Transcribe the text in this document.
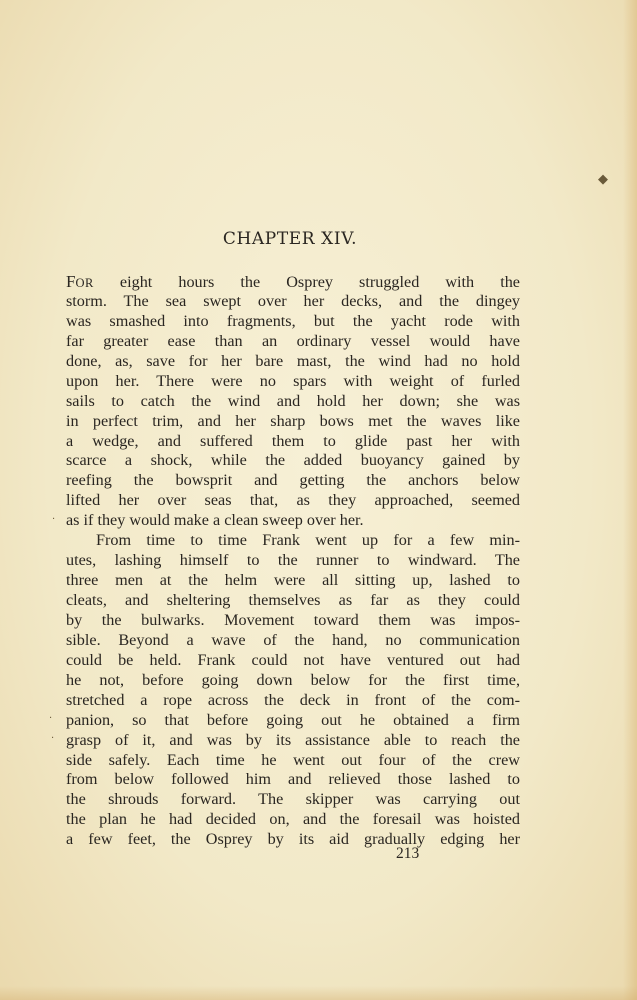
◆
·
·
·
CHAPTER XIV.
FOR eight hours the Osprey struggled with the
storm. The sea swept over her decks, and the dingey
was smashed into fragments, but the yacht rode with
far greater ease than an ordinary vessel would have
done, as, save for her bare mast, the wind had no hold
upon her. There were no spars with weight of furled
sails to catch the wind and hold her down; she was
in perfect trim, and her sharp bows met the waves like
a wedge, and suffered them to glide past her with
scarce a shock, while the added buoyancy gained by
reefing the bowsprit and getting the anchors below
lifted her over seas that, as they approached, seemed
as if they would make a clean sweep over her.
From time to time Frank went up for a few min-
utes, lashing himself to the runner to windward. The
three men at the helm were all sitting up, lashed to
cleats, and sheltering themselves as far as they could
by the bulwarks. Movement toward them was impos-
sible. Beyond a wave of the hand, no communication
could be held. Frank could not have ventured out had
he not, before going down below for the first time,
stretched a rope across the deck in front of the com-
panion, so that before going out he obtained a firm
grasp of it, and was by its assistance able to reach the
side safely. Each time he went out four of the crew
from below followed him and relieved those lashed to
the shrouds forward. The skipper was carrying out
the plan he had decided on, and the foresail was hoisted
a few feet, the Osprey by its aid gradually edging her
213
